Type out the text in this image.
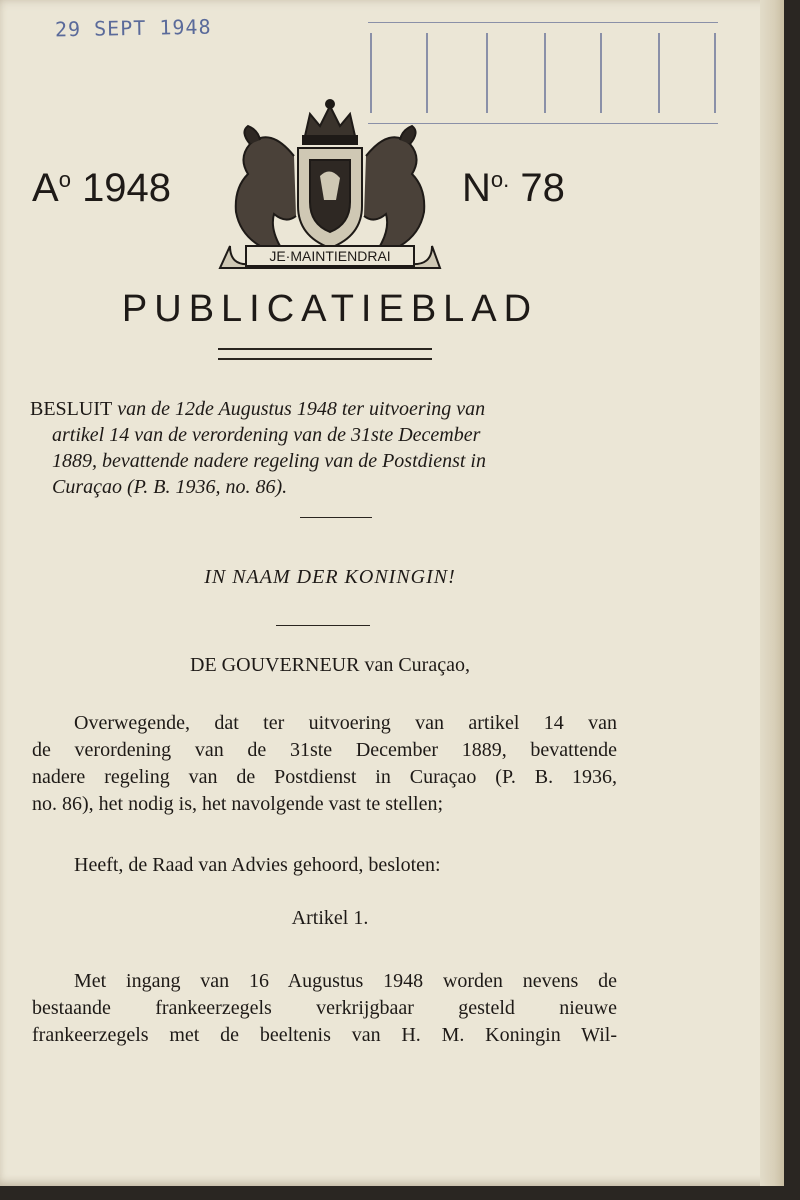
29 SEPT 1948
$A^o$ 1948
JE·MAINTIENDRAI
$N^{o.}$ 78
PUBLICATIEBLAD
BESLUIT van de 12de Augustus 1948 ter uitvoering van
artikel 14 van de verordening van de 31ste December
1889, bevattende nadere regeling van de Postdienst in
Curaçao (P. B. 1936, no. 86).
IN NAAM DER KONINGIN!
DE GOUVERNEUR van Curaçao,
Overwegende, dat ter uitvoering van artikel 14 van
de verordening van de 31ste December 1889, bevattende
nadere regeling van de Postdienst in Curaçao (P. B. 1936,
no. 86), het nodig is, het navolgende vast te stellen;
Heeft, de Raad van Advies gehoord, besloten:
Artikel 1.
Met ingang van 16 Augustus 1948 worden nevens de
bestaande frankeerzegels verkrijgbaar gesteld nieuwe
frankeerzegels met de beeltenis van H. M. Koningin Wil-
